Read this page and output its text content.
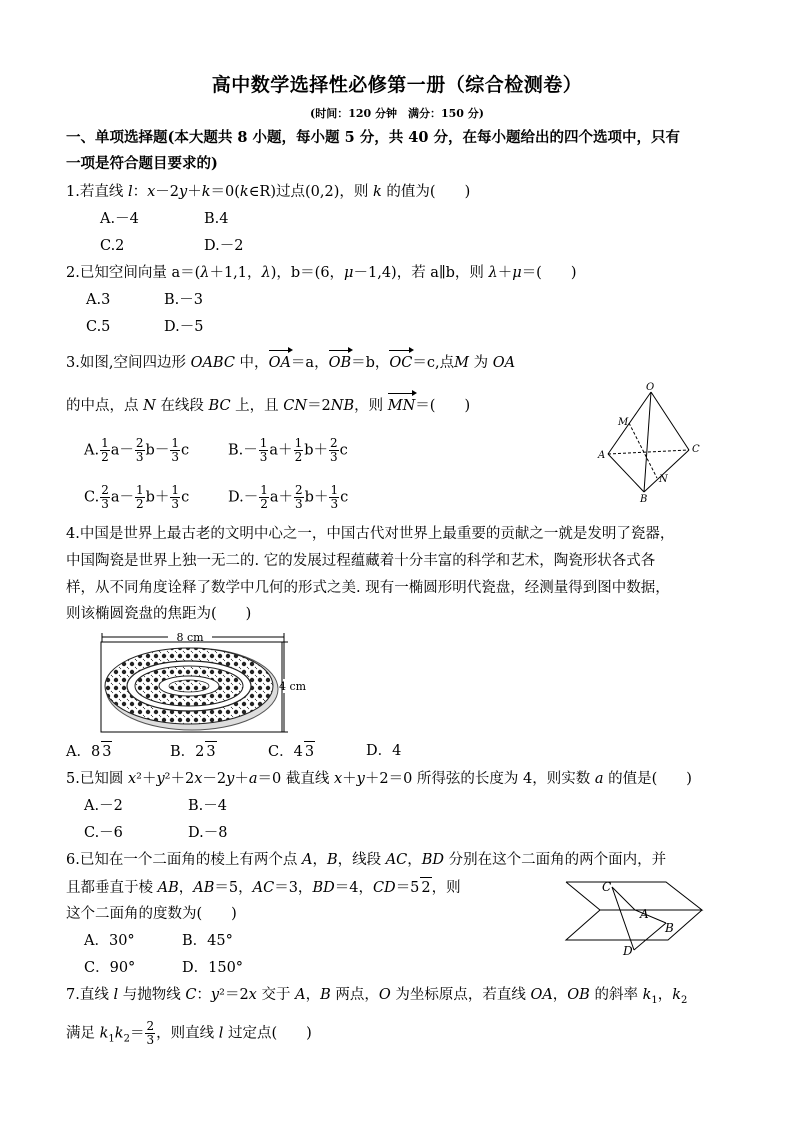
高中数学选择性必修第一册（综合检测卷）
(时间：120 分钟　满分：150 分)
一、单项选择题(本大题共 8 小题，每小题 5 分，共 40 分，在每小题给出的四个选项中，只有
一项是符合题目要求的)
1.若直线 l：x－2y＋k＝0(k∈R)过点(0,2)，则 k 的值为(　　)
A.－4	B.4
C.2	D.－2
2.已知空间向量 a＝(λ＋1,1，λ)，b＝(6，μ－1,4)，若 a∥b，则 λ＋μ＝(　　)
A.3	B.－3
C.5	D.－5
3.如图,空间四边形 OABC 中，OA＝a，OB＝b，OC＝c,点M 为 OA
的中点，点 N 在线段 BC 上，且 CN＝2NB，则 MN＝(　　)
O
M
A
C
N
B
A. $\frac{1}{2} a- \frac{2}{3} b- \frac{1}{3}$ c	$B.- \frac{1}{3} a+ \frac{1}{2} b+ \frac{2}{3}$ c
C. $\frac{2}{3} a- \frac{1}{2} b+ \frac{1}{3}$ c	$D.- \frac{1}{2} a+ \frac{2}{3} b+ \frac{1}{3}$ c
4.中国是世界上最古老的文明中心之一，中国古代对世界上最重要的贡献之一就是发明了瓷器，
中国陶瓷是世界上独一无二的. 它的发展过程蕴藏着十分丰富的科学和艺术，陶瓷形状各式各
样，从不同角度诠释了数学中几何的形式之美. 现有一椭圆形明代瓷盘，经测量得到图中数据，
则该椭圆瓷盘的焦距为(　　)
8 cm
4 cm
A．8 3	B．2 3	C．4 3	D．4
5.已知圆 x²＋y²＋2x－2y＋a＝0 截直线 x＋y＋2＝0 所得弦的长度为 4，则实数 a 的值是(　　)
A.－2	B.－4
C.－6	D.－8
6.已知在一个二面角的棱上有两个点 A，B，线段 AC，BD 分别在这个二面角的两个面内，并
且都垂直于棱 AB，AB＝5，AC＝3，BD＝4，CD＝5 2，则
这个二面角的度数为(　　)
C
A
B
D
A．30°	B．45°
C．90°	D．150°
7.直线 l 与抛物线 C：y²＝2x 交于 A，B 两点，O 为坐标原点，若直线 OA，OB 的斜率 $k_1$，$k_2$
满足 $k_1k_2= \frac{2}{3}$ ，则直线 l 过定点(　　)
